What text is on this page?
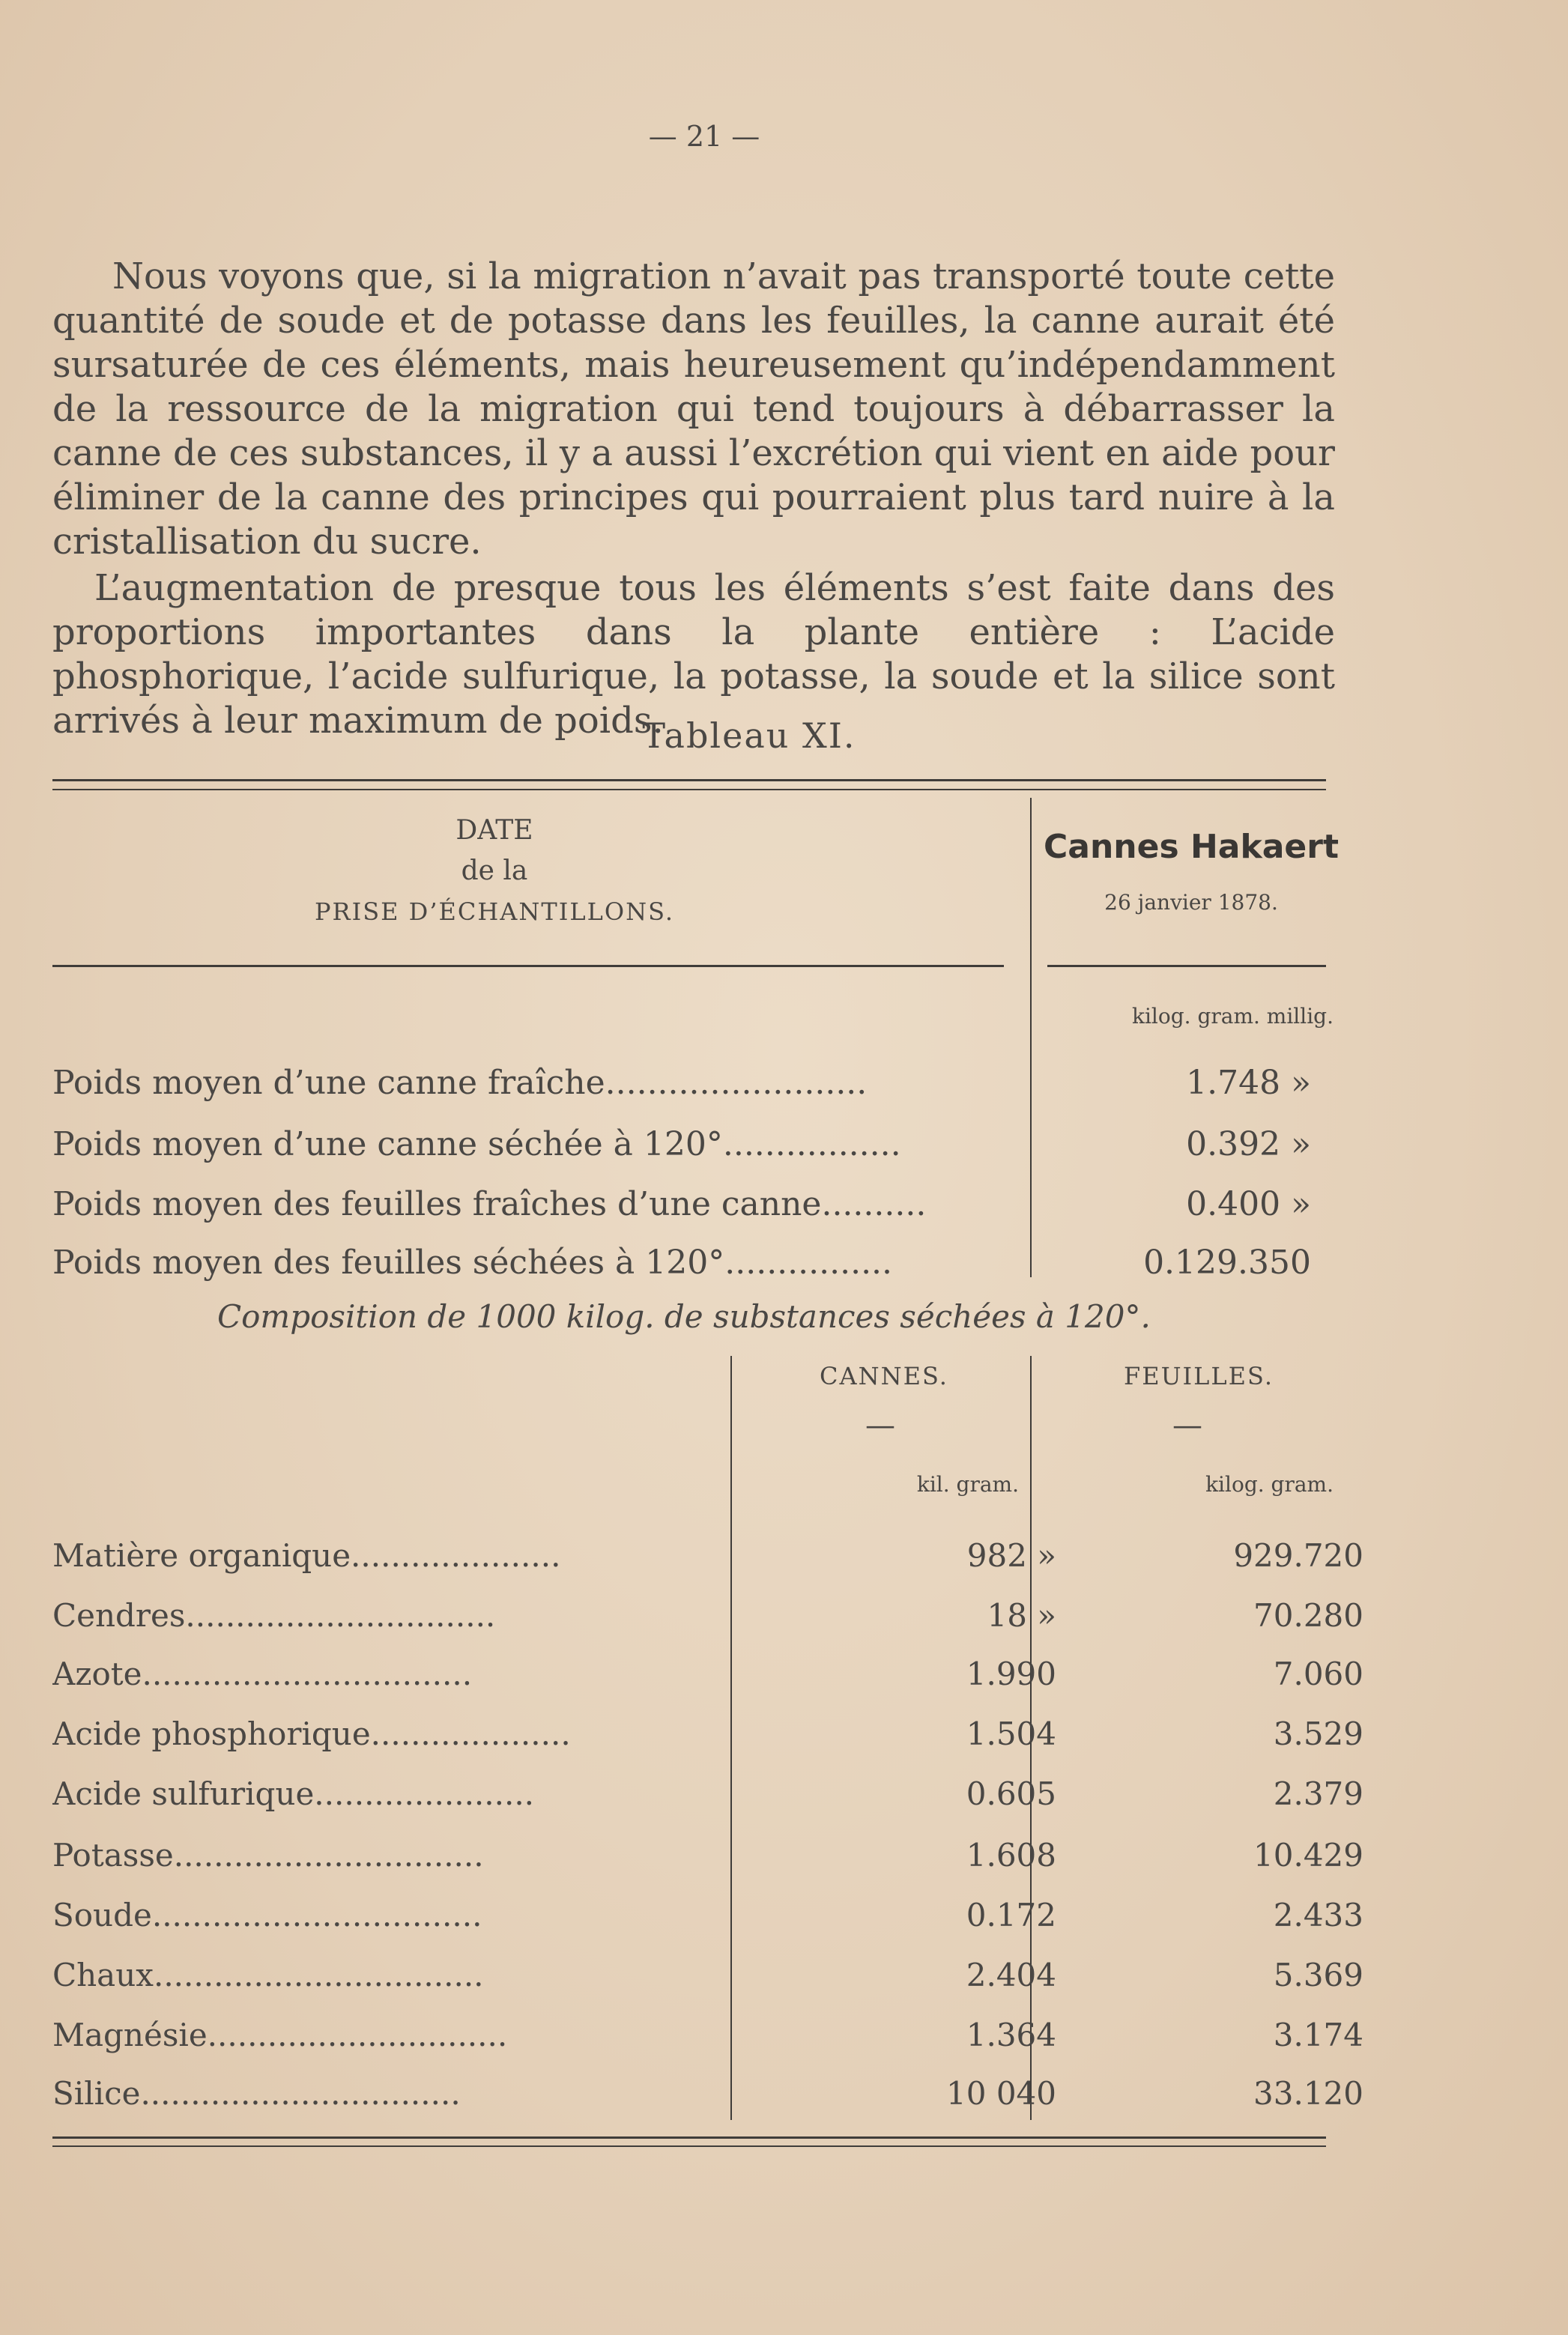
— 21 —

Nous voyons que, si la migration n’avait pas transporté toute cette quantité de soude et de potasse dans les feuilles, la canne aurait été sursaturée de ces éléments, mais heureusement qu’indépendamment de la ressource de la migration qui tend toujours à débarrasser la canne de ces substances, il y a aussi l’excrétion qui vient en aide pour éliminer de la canne des principes qui pourraient plus tard nuire à la cristallisation du sucre.

L’augmentation de presque tous les éléments s’est faite dans des proportions importantes dans la plante entière : L’acide phosphorique, l’acide sulfurique, la potasse, la soude et la silice sont arrivés à leur maximum de poids.

Tableau XI.
DATE
de la
PRISE D’ÉCHANTILLONS.
Cannes Hakaert
26 janvier 1878.
kilog. gram. millig.
Poids moyen d’une canne fraîche.........................	1.748 »
Poids moyen d’une canne séchée à 120°.................	0.392 »
Poids moyen des feuilles fraîches d’une canne..........	0.400 »
Poids moyen des feuilles séchées à 120°................	0.129.350
Composition de 1000 kilog. de substances séchées à 120°.
CANNES.	FEUILLES.
—	—
kil. gram.	kilog. gram.
Matière organique.....................	982 »	929.720
Cendres...............................	18 »	70.280
Azote.................................	1.990	7.060
Acide phosphorique....................	1.504	3.529
Acide sulfurique......................	0.605	2.379
Potasse...............................	1.608	10.429
Soude.................................	0.172	2.433
Chaux.................................	2.404	5.369
Magnésie..............................	1.364	3.174
Silice................................	10 040	33.120
